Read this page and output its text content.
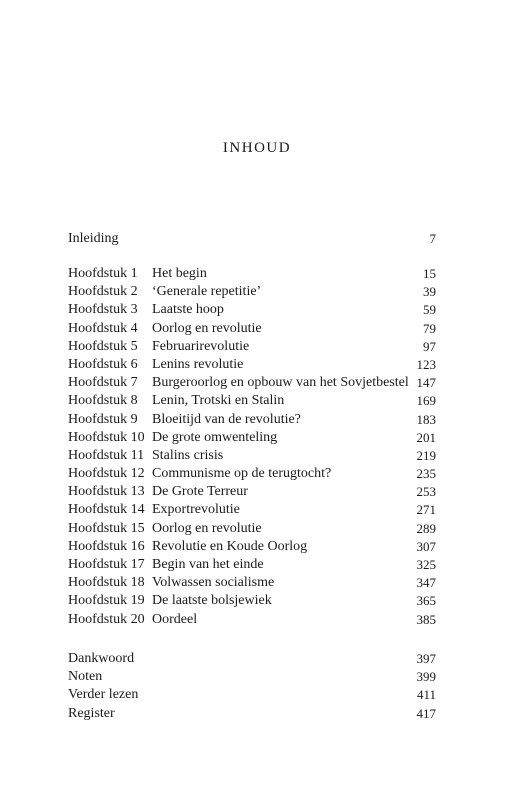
INHOUD
Inleiding	7
Hoofdstuk 1 Het begin	15
Hoofdstuk 2 ‘Generale repetitie’	39
Hoofdstuk 3 Laatste hoop	59
Hoofdstuk 4 Oorlog en revolutie	79
Hoofdstuk 5 Februarirevolutie	97
Hoofdstuk 6 Lenins revolutie	123
Hoofdstuk 7 Burgeroorlog en opbouw van het Sovjetbestel 147
Hoofdstuk 8 Lenin, Trotski en Stalin	169
Hoofdstuk 9 Bloeitijd van de revolutie?	183
Hoofdstuk 10 De grote omwenteling	201
Hoofdstuk 11 Stalins crisis	219
Hoofdstuk 12 Communisme op de terugtocht?	235
Hoofdstuk 13 De Grote Terreur	253
Hoofdstuk 14 Exportrevolutie	271
Hoofdstuk 15 Oorlog en revolutie	289
Hoofdstuk 16 Revolutie en Koude Oorlog	307
Hoofdstuk 17 Begin van het einde	325
Hoofdstuk 18 Volwassen socialisme	347
Hoofdstuk 19 De laatste bolsjewiek	365
Hoofdstuk 20 Oordeel	385
Dankwoord	397
Noten	399
Verder lezen	411
Register	417
